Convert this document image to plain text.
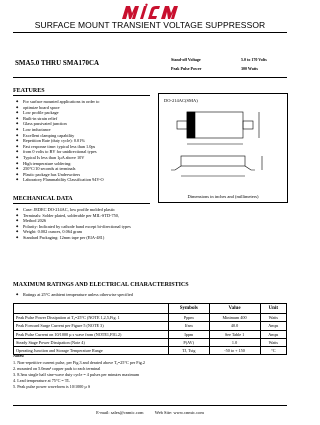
SURFACE MOUNT TRANSIENT VOLTAGE SUPPRESSOR
SMA5.0 THRU SMA170CA	Stand-off Voltage	5.0 to 170 Volts
Peak Pulse Power	300 Watts
FEATURES
◆ For surface mounted applications in order to
◆ optimize board space
◆ Low profile package
◆ Built-in strain relief
◆ Glass passivated junction
◆ Low inductance
◆ Excellent clamping capability
◆ Repetition Rate (duty cycle): 0.01%
◆ Fast response time: typical less than 1.0ps
◆ from 0 volts to BV for unidirectional types
◆ Typical Is less than 1µA above 10V
◆ High temperature soldering:
◆ 250°C/10 seconds at terminals
◆ Plastic package has Underwriters
◆ Laboratory Flammability Classification 94V-O
DO-214AC(SMA)
Dimensions in inches and (millimeters)
MECHANICAL DATA
◆ Case: JEDEC DO-214AC, low profile molded plastic
◆ Terminals: Solder plated, solderable per MIL-STD-750,
◆ Method 2026
◆ Polarity: Indicated by cathode band except bi-directional types
◆ Weight: 0.002 ounces, 0.064 gram
◆ Standard Packaging: 12mm tape per (EIA-481)
MAXIMUM RATINGS AND ELECTRICAL CHARACTERISTICS
◆ Ratings at 25°C ambient temperature unless otherwise specified
	Symbols	Value	Unit
Peak Pulse Power Dissipation at Tₐ=25°C (NOTE 1,2,5,Fig. 1	Pppm	Minimum 400	Watts
Peak Forward Surge Current per Figure 5 (NOTE 3)	Ifsm	40.0	Amps
Peak Pulse Current on 10/1000 µ s wave from (NOTE1,FIG.2)	Ippm	See Table 1	Amps
Steady Stage Power Dissipation (Note 4)	P(AV)	1.0	Watts
Operating Junction and Storage Temperature Range	TJ, Tstg	-50 to + 150	°C
Notes:
1. Non-repetitive current pulse, per Fig.3 and derated above Tₐ=25°C per Fig.2
2. mounted on 5.0mm² copper pads to each terminal
3. 8.3ms single half sine-wave duty cycle = 4 pulses per minutes maximum
4. Lead temperature at 75°C = TL
5. Peak pulse power waveform is 10/1000 µ S
E-mail: sales@cnmic.com Web Site: www.cnmic.com
